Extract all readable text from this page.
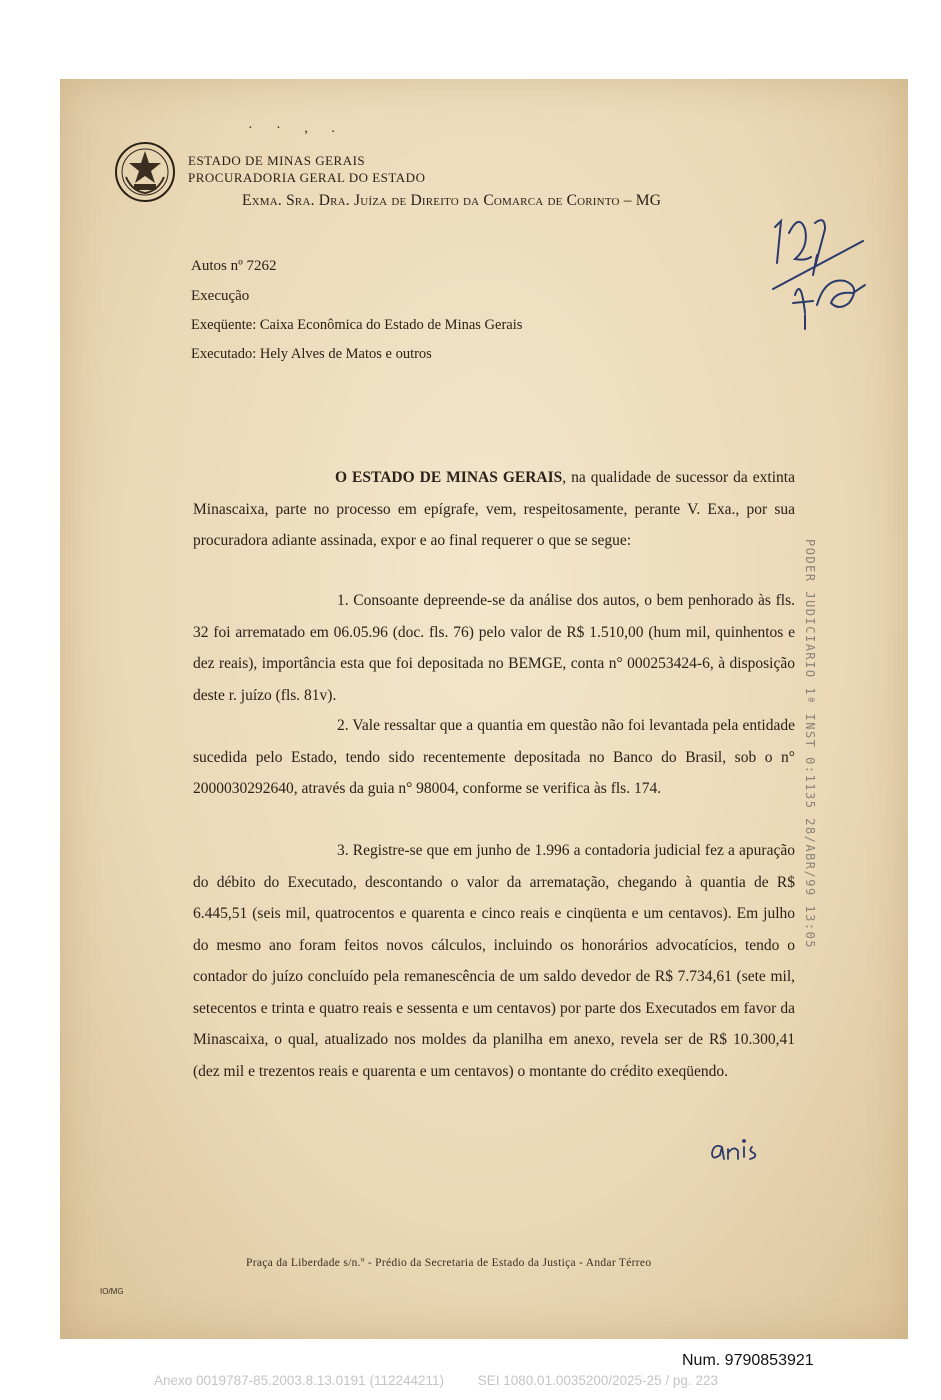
· · , .
ESTADO DE MINAS GERAIS
PROCURADORIA GERAL DO ESTADO
Exma. Sra. Dra. Juíza de Direito da Comarca de Corinto – MG
Autos nº 7262
Execução
Exeqüente: Caixa Econômica do Estado de Minas Gerais
Executado: Hely Alves de Matos e outros
O ESTADO DE MINAS GERAIS, na qualidade de sucessor da extinta Minascaixa, parte no processo em epígrafe, vem, respeitosamente, perante V. Exa., por sua procuradora adiante assinada, expor e ao final requerer o que se segue:
1. Consoante depreende-se da análise dos autos, o bem penhorado às fls. 32 foi arrematado em 06.05.96 (doc. fls. 76) pelo valor de R$ 1.510,00 (hum mil, quinhentos e dez reais), importância esta que foi depositada no BEMGE, conta n° 000253424-6, à disposição deste r. juízo (fls. 81v).
2. Vale ressaltar que a quantia em questão não foi levantada pela entidade sucedida pelo Estado, tendo sido recentemente depositada no Banco do Brasil, sob o n° 2000030292640, através da guia n° 98004, conforme se verifica às fls. 174.
3. Registre-se que em junho de 1.996 a contadoria judicial fez a apuração do débito do Executado, descontando o valor da arrematação, chegando à quantia de R$ 6.445,51 (seis mil, quatrocentos e quarenta e cinco reais e cinqüenta e um centavos). Em julho do mesmo ano foram feitos novos cálculos, incluindo os honorários advocatícios, tendo o contador do juízo concluído pela remanescência de um saldo devedor de R$ 7.734,61 (sete mil, setecentos e trinta e quatro reais e sessenta e um centavos) por parte dos Executados em favor da Minascaixa, o qual, atualizado nos moldes da planilha em anexo, revela ser de R$ 10.300,41 (dez mil e trezentos reais e quarenta e um centavos) o montante do crédito exeqüendo.
PODER JUDICIARIO 1ª INST 0:1135 28/ABR/99 13:05
Praça da Liberdade s/n.º - Prédio da Secretaria de Estado da Justiça - Andar Térreo
IO/MG
Num. 9790853921
Anexo 0019787-85.2003.8.13.0191 (112244211)	SEI 1080.01.0035200/2025-25 / pg. 223
